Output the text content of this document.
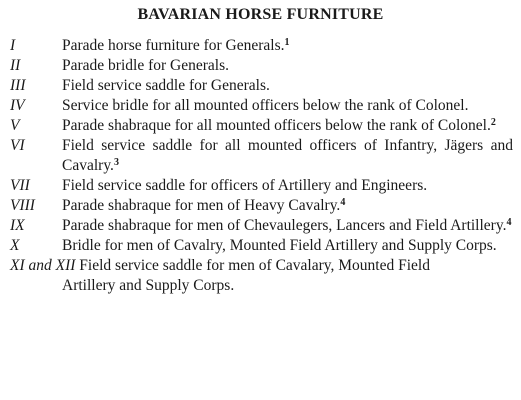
BAVARIAN HORSE FURNITURE
I	Parade horse furniture for Generals.$^1$
II	Parade bridle for Generals.
III Field service saddle for Generals.
IV Service bridle for all mounted officers below the rank of Colonel.
V	Parade shabraque for all mounted officers below the rank of Colonel.$^2$
VI Field service saddle for all mounted officers of Infantry, Jägers and Cavalry.$^3$
VII Field service saddle for officers of Artillery and Engineers.
VIII Parade shabraque for men of Heavy Cavalry.$^4$
IX Parade shabraque for men of Chevaulegers, Lancers and Field Artillery.$^4$
X	Bridle for men of Cavalry, Mounted Field Artillery and Supply Corps.
XI and XII Field service saddle for men of Cavalary, Mounted Field
Artillery and Supply Corps.
